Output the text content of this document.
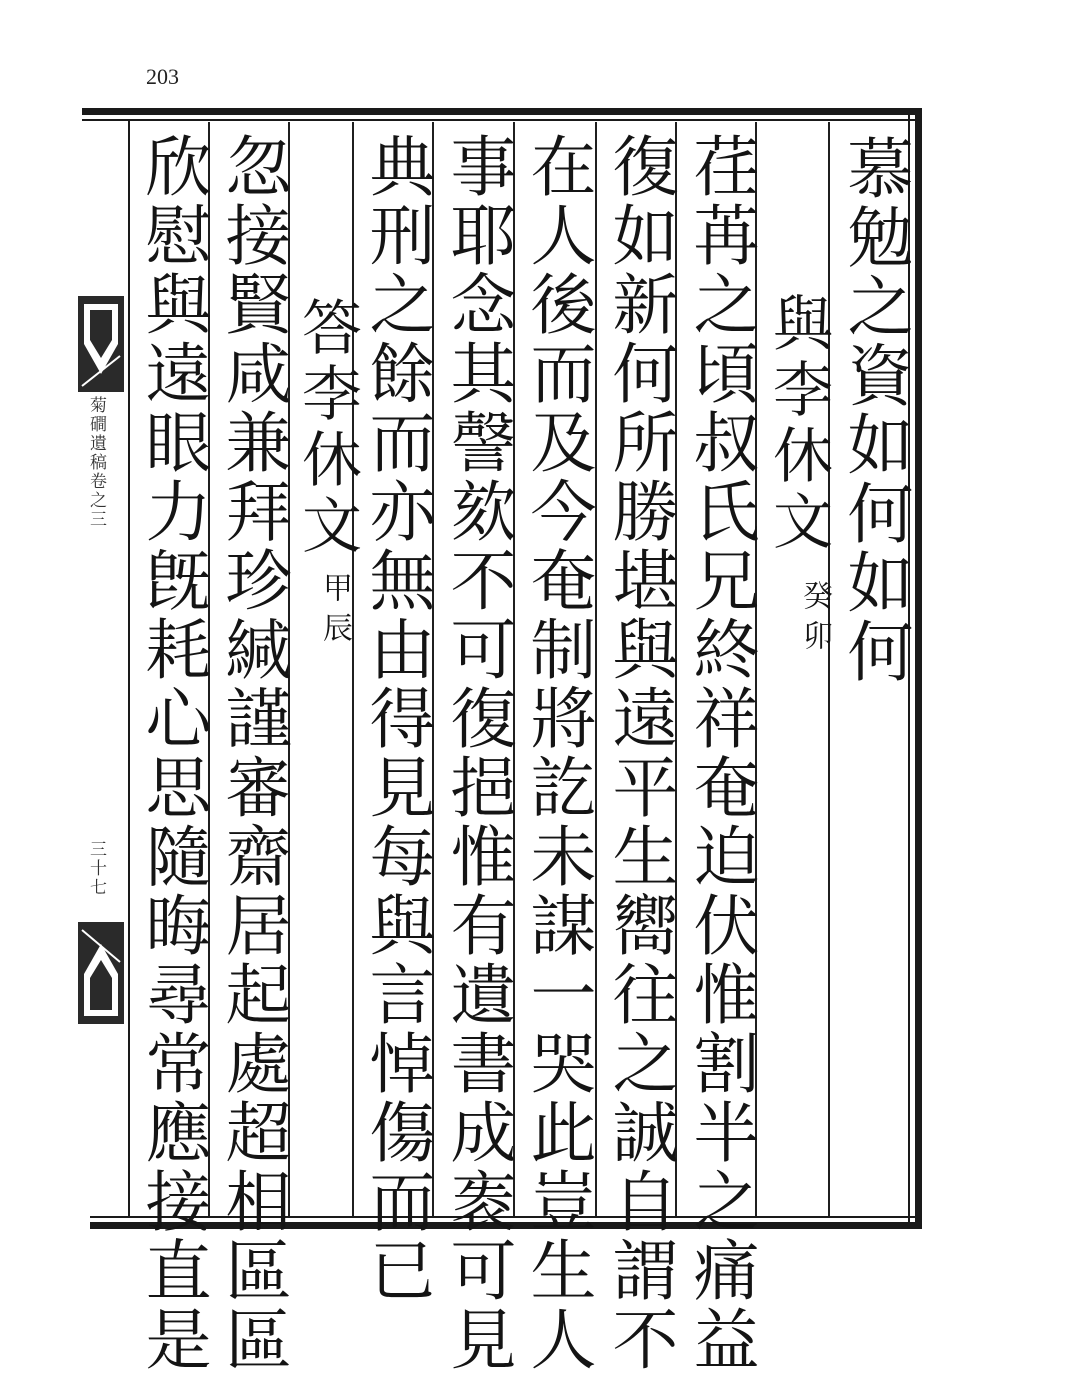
203
菊磵遺稿卷之三
三十七
慕勉之資如何如何
與李休文
癸卯
荏苒之頃叔氏兄終祥奄迫伏惟割半之痛益
復如新何所勝堪與遠平生嚮往之誠自謂不
在人後而及今奄制將訖未謀一哭此豈生人
事耶念其謦欬不可復挹惟有遺書成袠可見
典刑之餘而亦無由得見每與言悼傷而已
答李休文
甲辰
忽接賢咸兼拜珍緘謹審齋居起處超相區區
欣慰與遠眼力旣耗心思隨晦尋常應接直是
